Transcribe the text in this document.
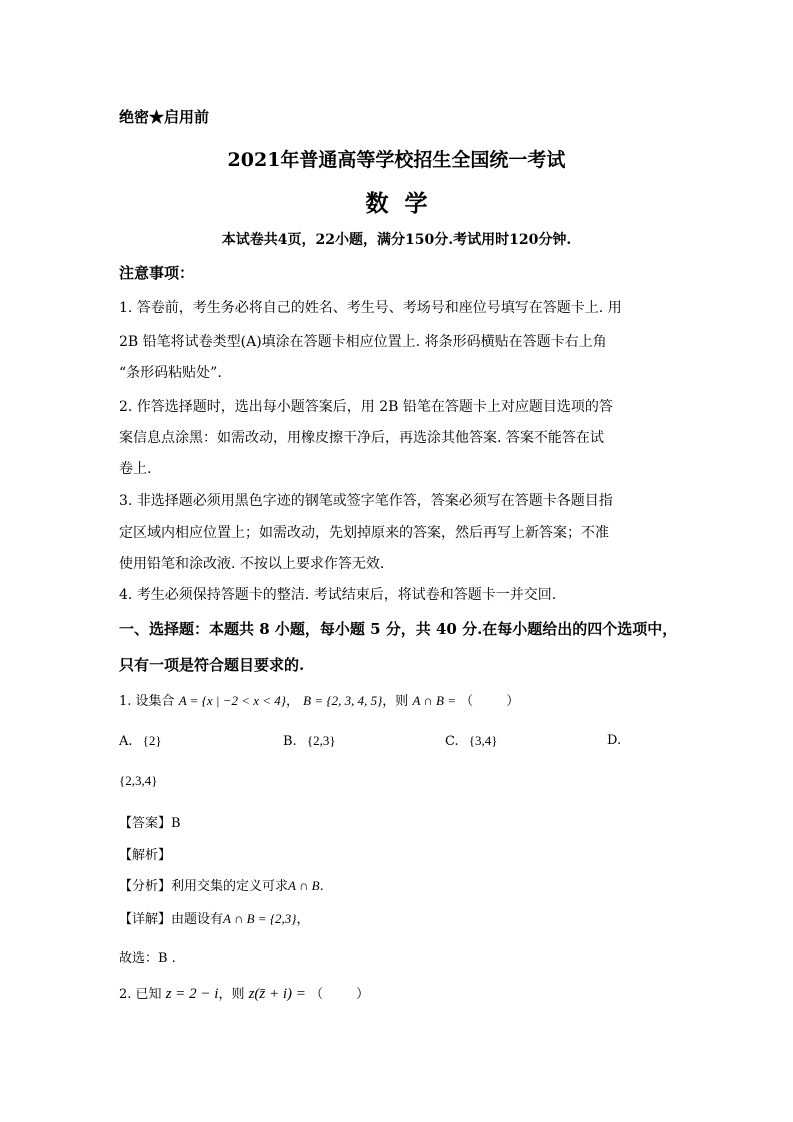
绝密★启用前
2021年普通高等学校招生全国统一考试
数  学
本试卷共4页，22小题，满分150分.考试用时120分钟.
注意事项：
1. 答卷前，考生务必将自己的姓名、考生号、考场号和座位号填写在答题卡上. 用
2B 铅笔将试卷类型(A)填涂在答题卡相应位置上. 将条形码横贴在答题卡右上角
“条形码粘贴处”.
2. 作答选择题时，选出每小题答案后，用 2B 铅笔在答题卡上对应题目选项的答
案信息点涂黑：如需改动，用橡皮擦干净后，再选涂其他答案. 答案不能答在试
卷上.
3. 非选择题必须用黑色字迹的钢笔或签字笔作答，答案必须写在答题卡各题目指
定区域内相应位置上；如需改动，先划掉原来的答案，然后再写上新答案；不准
使用铅笔和涂改液. 不按以上要求作答无效.
4. 考生必须保持答题卡的整洁. 考试结束后，将试卷和答题卡一并交回.
一、选择题：本题共 8 小题，每小题 5 分，共 40 分.在每小题给出的四个选项中，
只有一项是符合题目要求的.
1. 设集合 A = {x | −2 < x < 4}， B = {2, 3, 4, 5}，则 A ∩ B = （        ）
A. {2}	B. {2,3}	C. {3,4}	D.
{2,3,4}
【答案】B
【解析】
【分析】利用交集的定义可求A ∩ B.
【详解】由题设有A ∩ B = {2,3}，
故选：B .
2. 已知 z = 2 − i，则 z(z̄ + i) = （        ）
